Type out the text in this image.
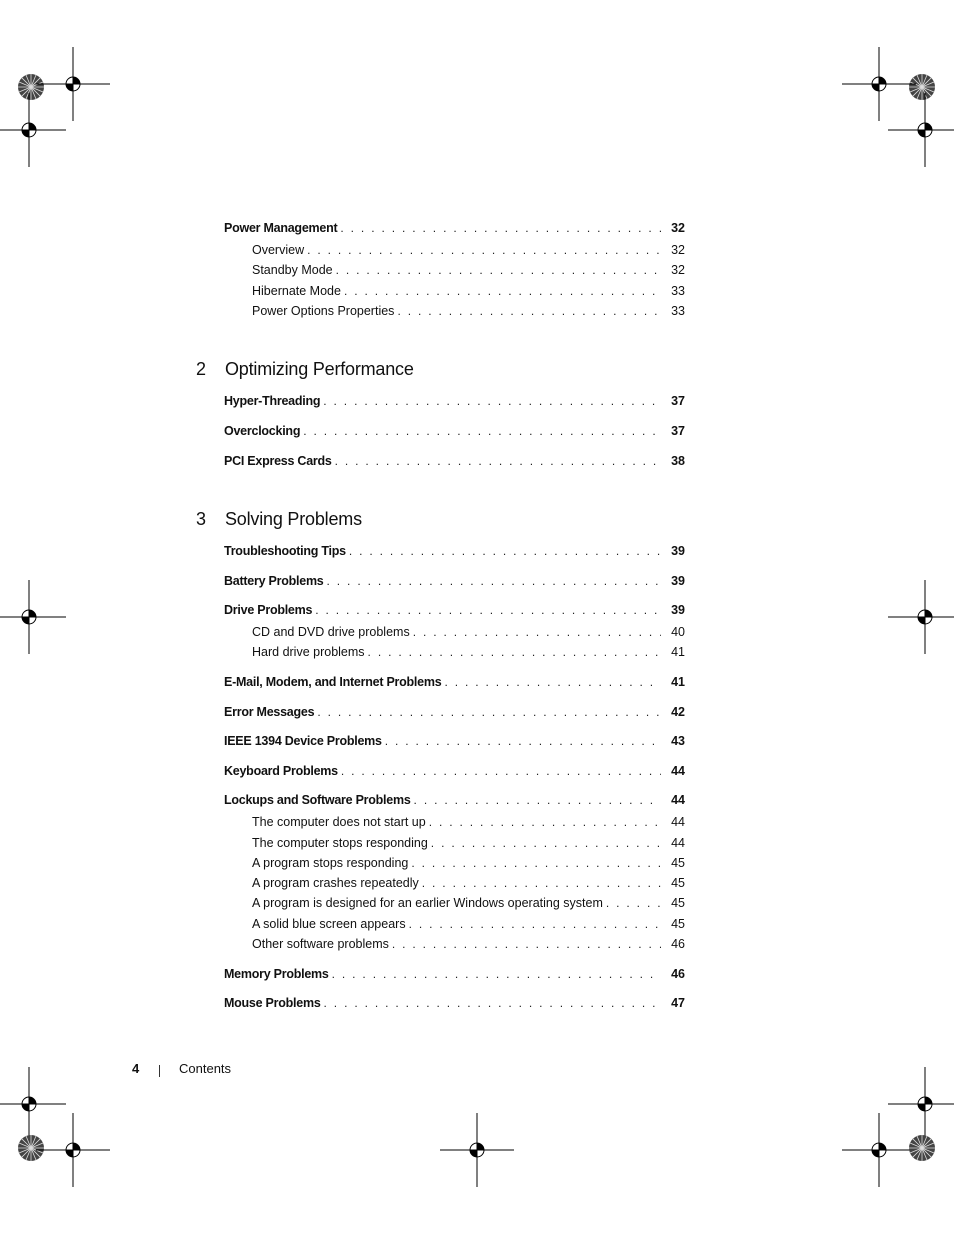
Power Management . . .	32
Overview . . .	32
Standby Mode . . .	32
Hibernate Mode . . .	33
Power Options Properties . . .	33
2	Optimizing Performance
Hyper-Threading . . .	37
Overclocking . . .	37
PCI Express Cards . . .	38
3	Solving Problems
Troubleshooting Tips . . .	39
Battery Problems . . .	39
Drive Problems . . .	39
CD and DVD drive problems . . .	40
Hard drive problems . . .	41
E-Mail, Modem, and Internet Problems . . .	41
Error Messages . . .	42
IEEE 1394 Device Problems . . .	43
Keyboard Problems . . .	44
Lockups and Software Problems . . .	44
The computer does not start up . . .	44
The computer stops responding . . .	44
A program stops responding . . .	45
A program crashes repeatedly . . .	45
A program is designed for an earlier Windows operating system . . .	45
A solid blue screen appears . . .	45
Other software problems . . .	46
Memory Problems . . .	46
Mouse Problems . . .	47
4	Contents
